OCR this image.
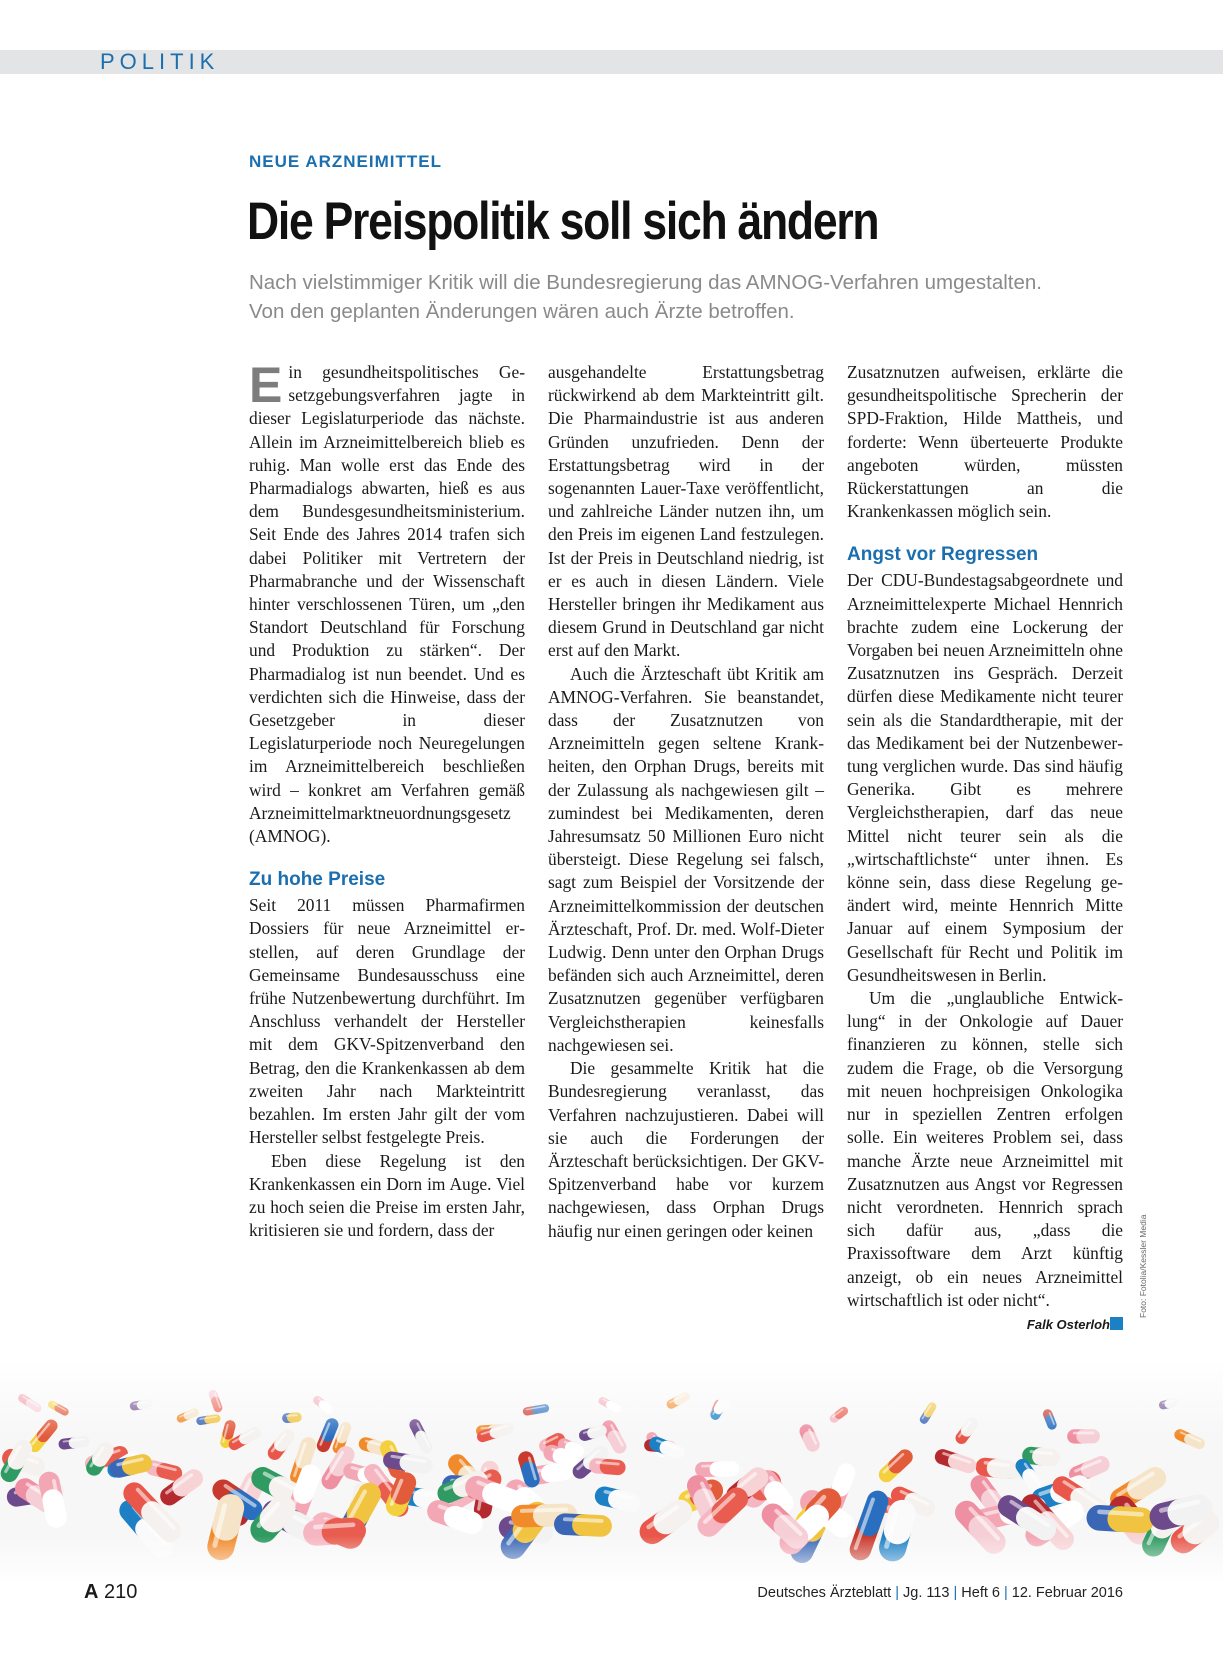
POLITIK
NEUE ARZNEIMITTEL
Die Preispolitik soll sich ändern
Nach vielstimmiger Kritik will die Bundesregierung das AMNOG-Verfahren umgestalten. Von den geplanten Änderungen wären auch Ärzte betroffen.
E in gesundheitspolitisches Gesetzgebungsverfahren jagte in dieser Legislaturperiode das nächste. Allein im Arzneimittelbereich blieb es ruhig. Man wolle erst das Ende des Pharmadialogs abwarten, hieß es aus dem Bundesgesundheitsministerium. Seit Ende des Jahres 2014 trafen sich dabei Politiker mit Vertretern der Pharmabranche und der Wissenschaft hinter verschlossenen Türen, um „den Standort Deutschland für Forschung und Produktion zu stärken“. Der Pharmadialog ist nun beendet. Und es verdichten sich die Hinweise, dass der Gesetzgeber in dieser Legislaturperiode noch Neuregelungen im Arzneimittelbereich beschließen wird – konkret am Verfahren gemäß Arzneimittelmarktneuordnungsgesetz (AMNOG).

Zu hohe Preise

Seit 2011 müssen Pharmafirmen Dossiers für neue Arzneimittel erstellen, auf deren Grundlage der Gemeinsame Bundesausschuss eine frühe Nutzenbewertung durchführt. Im Anschluss verhandelt der Hersteller mit dem GKV-Spitzenverband den Betrag, den die Krankenkassen ab dem zweiten Jahr nach Markteintritt bezahlen. Im ersten Jahr gilt der vom Hersteller selbst festgelegte Preis.

Eben diese Regelung ist den Krankenkassen ein Dorn im Auge. Viel zu hoch seien die Preise im ersten Jahr, kritisieren sie und fordern, dass der

ausgehandelte Erstattungsbetrag rückwirkend ab dem Markteintritt gilt. Die Pharmaindustrie ist aus anderen Gründen unzufrieden. Denn der Erstattungsbetrag wird in der sogenannten Lauer-Taxe veröffentlicht, und zahlreiche Länder nutzen ihn, um den Preis im eigenen Land festzulegen. Ist der Preis in Deutschland niedrig, ist er es auch in diesen Ländern. Viele Hersteller bringen ihr Medikament aus diesem Grund in Deutschland gar nicht erst auf den Markt.

Auch die Ärzteschaft übt Kritik am AMNOG-Verfahren. Sie beanstandet, dass der Zusatznutzen von Arzneimitteln gegen seltene Krankheiten, den Orphan Drugs, bereits mit der Zulassung als nachgewiesen gilt – zumindest bei Medikamenten, deren Jahresumsatz 50 Millionen Euro nicht übersteigt. Diese Regelung sei falsch, sagt zum Beispiel der Vorsitzende der Arzneimittelkommission der deutschen Ärzteschaft, Prof. Dr. med. Wolf-Dieter Ludwig. Denn unter den Orphan Drugs befänden sich auch Arzneimittel, deren Zusatznutzen gegenüber verfügbaren Vergleichstherapien keinesfalls nachgewiesen sei.

Die gesammelte Kritik hat die Bundesregierung veranlasst, das Verfahren nachzujustieren. Dabei will sie auch die Forderungen der Ärzteschaft berücksichtigen. Der GKV-Spitzenverband habe vor kurzem nachgewiesen, dass Orphan Drugs häufig nur einen geringen oder keinen

Zusatznutzen aufweisen, erklärte die gesundheitspolitische Sprecherin der SPD-Fraktion, Hilde Mattheis, und forderte: Wenn überteuerte Produkte angeboten würden, müssten Rückerstattungen an die Krankenkassen möglich sein.

Angst vor Regressen

Der CDU-Bundestagsabgeordnete und Arzneimittelexperte Michael Hennrich brachte zudem eine Lockerung der Vorgaben bei neuen Arzneimitteln ohne Zusatznutzen ins Gespräch. Derzeit dürfen diese Medikamente nicht teurer sein als die Standardtherapie, mit der das Medikament bei der Nutzenbewertung verglichen wurde. Das sind häufig Generika. Gibt es mehrere Vergleichstherapien, darf das neue Mittel nicht teurer sein als die „wirtschaftlichste“ unter ihnen. Es könne sein, dass diese Regelung geändert wird, meinte Hennrich Mitte Januar auf einem Symposium der Gesellschaft für Recht und Politik im Gesundheitswesen in Berlin.

Um die „unglaubliche Entwicklung“ in der Onkologie auf Dauer finanzieren zu können, stelle sich zudem die Frage, ob die Versorgung mit neuen hochpreisigen Onkologika nur in speziellen Zentren erfolgen solle. Ein weiteres Problem sei, dass manche Ärzte neue Arzneimittel mit Zusatznutzen aus Angst vor Regressen nicht verordneten. Hennrich sprach sich dafür aus, „dass die Praxissoftware dem Arzt künftig anzeigt, ob ein neues Arzneimittel wirtschaftlich ist oder nicht“.

Falk Osterloh
Foto: Fotolia/Kessler Media
A 210	Deutsches Ärzteblatt | Jg. 113 | Heft 6 | 12. Februar 2016
